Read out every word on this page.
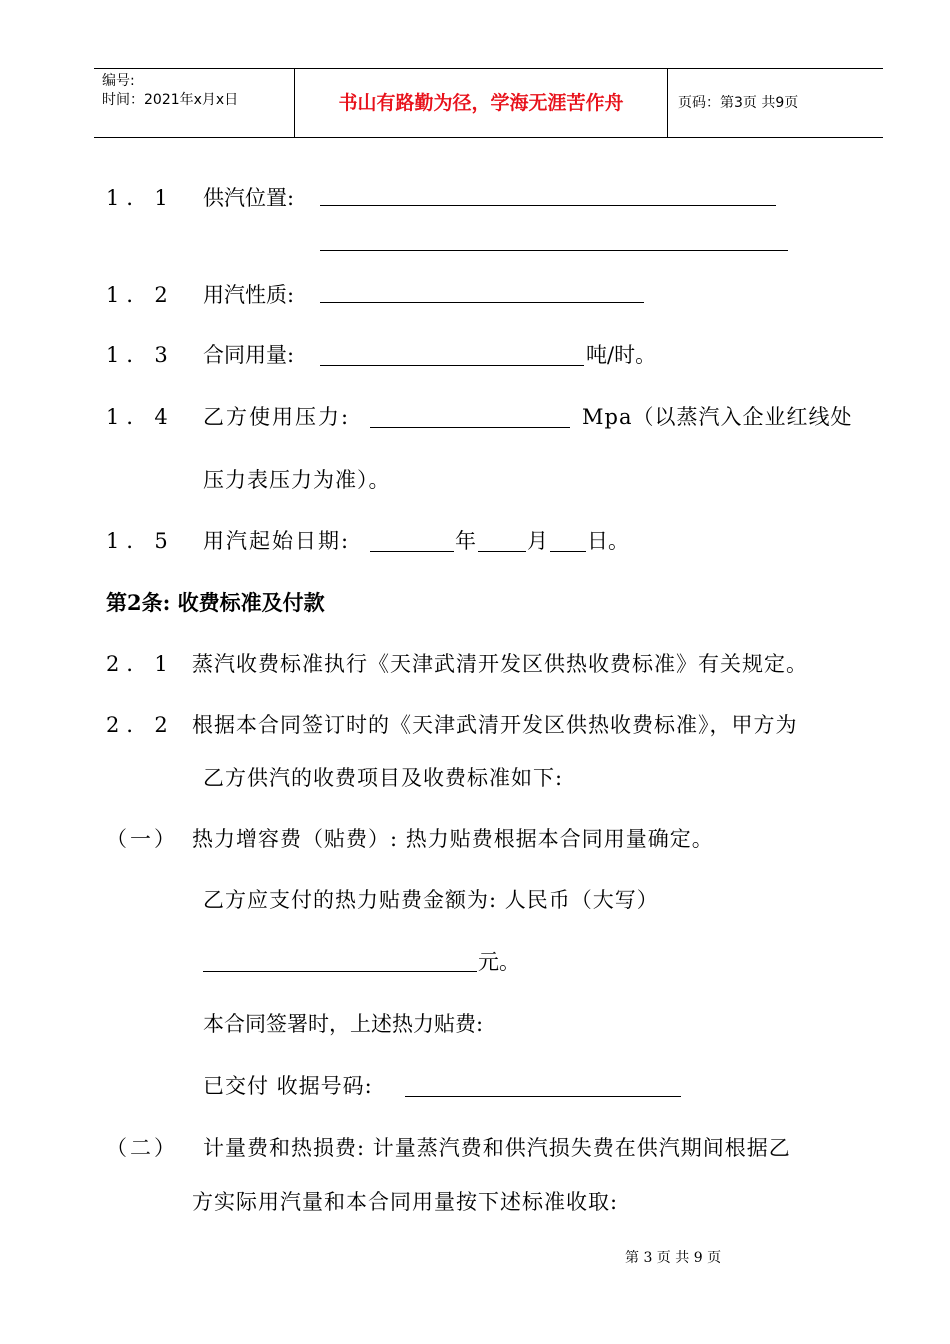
编号:
时间：2021年x月x日	书山有路勤为径，学海无涯苦作舟	页码：第3页 共9页
1．1 供汽位置:
1．2 用汽性质:
1．3 合同用量:	吨/时。
1．4 乙方使用压力:	Mpa（以蒸汽入企业红线处
压力表压力为准）。
1．5 用汽起始日期:	年 月 日。
第2条: 收费标准及付款
2．1 蒸汽收费标准执行《天津武清开发区供热收费标准》有关规定。
2．2 根据本合同签订时的《天津武清开发区供热收费标准》，甲方为
乙方供汽的收费项目及收费标准如下:
（一） 热力增容费（贴费）: 热力贴费根据本合同用量确定。
乙方应支付的热力贴费金额为: 人民币（大写）
元。
本合同签署时，上述热力贴费:
已交付 收据号码:
（二） 计量费和热损费: 计量蒸汽费和供汽损失费在供汽期间根据乙
方实际用汽量和本合同用量按下述标准收取:
第 3 页 共 9 页
